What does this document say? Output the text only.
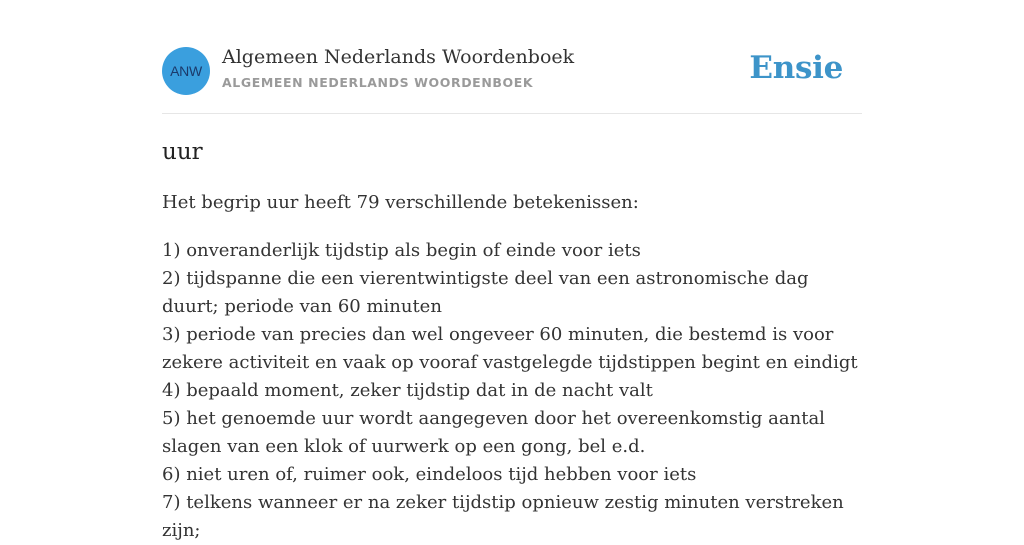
ANW
Algemeen Nederlands Woordenboek
ALGEMEEN NEDERLANDS WOORDENBOEK	Ensie
uur

Het begrip uur heeft 79 verschillende betekenissen:

1) onveranderlijk tijdstip als begin of einde voor iets
2) tijdspanne die een vierentwintigste deel van een astronomische dag duurt; periode van 60 minuten
3) periode van precies dan wel ongeveer 60 minuten, die bestemd is voor zekere activiteit en vaak op vooraf vastgelegde tijdstippen begint en eindigt
4) bepaald moment, zeker tijdstip dat in de nacht valt
5) het genoemde uur wordt aangegeven door het overeenkomstig aantal slagen van een klok of uurwerk op een gong, bel e.d.
6) niet uren of, ruimer ook, eindeloos tijd hebben voor iets
7) telkens wanneer er na zeker tijdstip opnieuw zestig minuten verstreken zijn;
